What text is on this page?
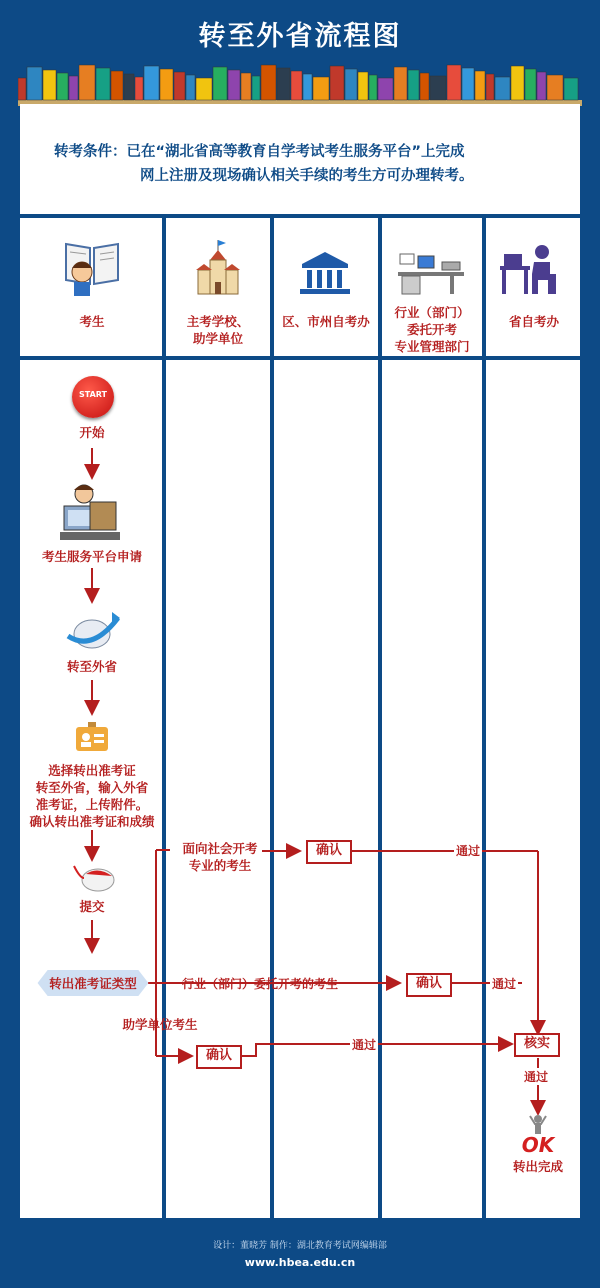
转至外省流程图
转考条件：已在“湖北省高等教育自学考试考生服务平台”上完成
网上注册及现场确认相关手续的考生方可办理转考。
考生	主考学校、
助学单位
区、市州自考办
行业（部门）
委托开考
专业管理部门
省自考办
START
开始
考生服务平台申请
转至外省
选择转出准考证
转至外省，输入外省
准考证，上传附件。
确认转出准考证和成绩
提交
转出准考证类型
面向社会开考
专业的考生
行业（部门）委托开考的考生
助学单位考生
确认
确认
确认
核实
通过
通过
通过
通过
OK
转出完成
设计：董晓芳 制作：湖北教育考试网编辑部
www.hbea.edu.cn
